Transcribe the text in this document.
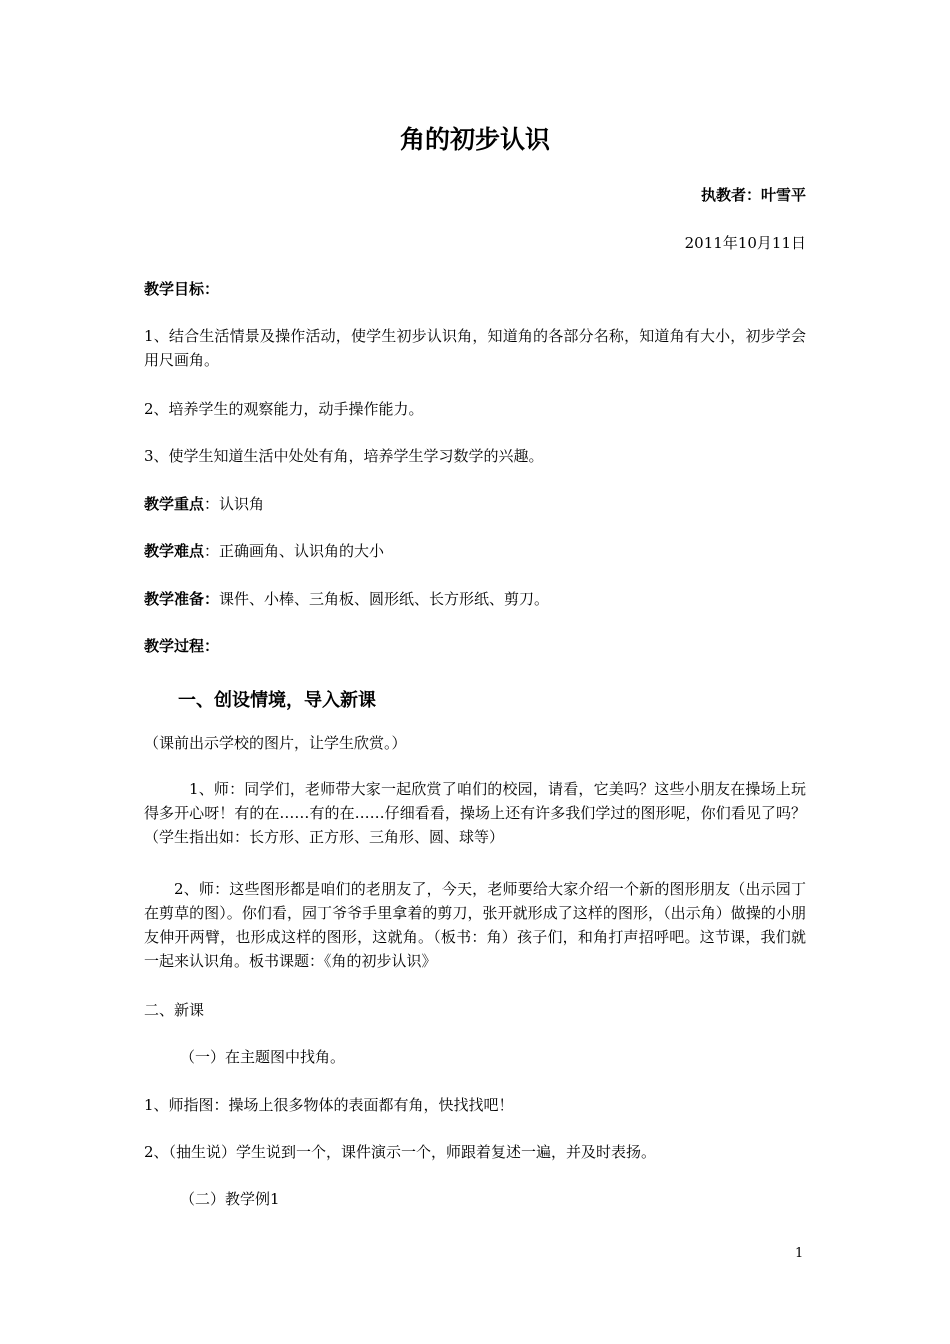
角的初步认识
执教者：叶雪平
2011年10月11日
教学目标：
1、结合生活情景及操作活动，使学生初步认识角，知道角的各部分名称，知道角有大小，初步学会用尺画角。
2、培养学生的观察能力，动手操作能力。
3、使学生知道生活中处处有角，培养学生学习数学的兴趣。
教学重点：认识角
教学难点：正确画角、认识角的大小
教学准备：课件、小棒、三角板、圆形纸、长方形纸、剪刀。
教学过程：
一、创设情境，导入新课
（课前出示学校的图片，让学生欣赏。）
1、师：同学们，老师带大家一起欣赏了咱们的校园，请看，它美吗？这些小朋友在操场上玩得多开心呀！有的在……有的在……仔细看看，操场上还有许多我们学过的图形呢，你们看见了吗？（学生指出如：长方形、正方形、三角形、圆、球等）
2、师：这些图形都是咱们的老朋友了，今天，老师要给大家介绍一个新的图形朋友（出示园丁在剪草的图）。你们看，园丁爷爷手里拿着的剪刀，张开就形成了这样的图形，（出示角）做操的小朋友伸开两臂，也形成这样的图形，这就角。（板书：角）孩子们，和角打声招呼吧。这节课，我们就一起来认识角。板书课题：《角的初步认识》
二、新课
（一）在主题图中找角。
1、师指图：操场上很多物体的表面都有角，快找找吧！
2、（抽生说）学生说到一个，课件演示一个，师跟着复述一遍，并及时表扬。
（二）教学例1
1
